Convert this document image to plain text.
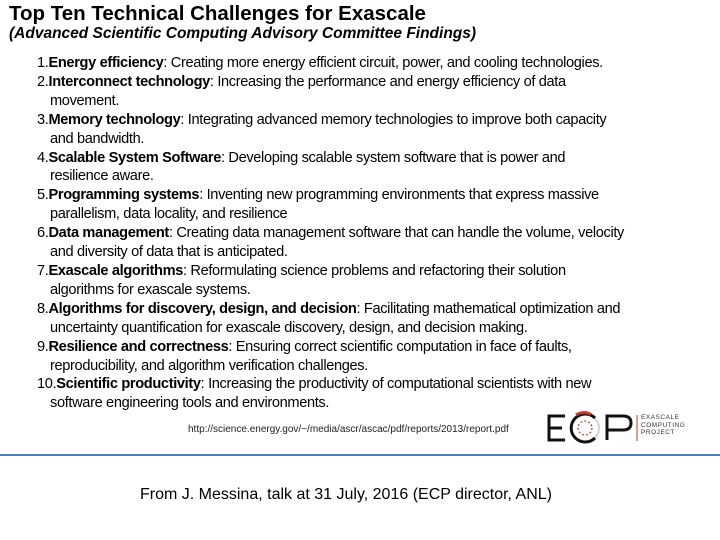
Top Ten Technical Challenges for Exascale
(Advanced Scientific Computing Advisory Committee Findings)
1.Energy efficiency: Creating more energy efficient circuit, power, and cooling technologies.
2.Interconnect technology: Increasing the performance and energy efficiency of data
movement.
3.Memory technology: Integrating advanced memory technologies to improve both capacity
and bandwidth.
4.Scalable System Software: Developing scalable system software that is power and
resilience aware.
5.Programming systems: Inventing new programming environments that express massive
parallelism, data locality, and resilience
6.Data management: Creating data management software that can handle the volume, velocity
and diversity of data that is anticipated.
7.Exascale algorithms: Reformulating science problems and refactoring their solution
algorithms for exascale systems.
8.Algorithms for discovery, design, and decision: Facilitating mathematical optimization and
uncertainty quantification for exascale discovery, design, and decision making.
9.Resilience and correctness: Ensuring correct scientific computation in face of faults,
reproducibility, and algorithm verification challenges.
10.Scientific productivity: Increasing the productivity of computational scientists with new
software engineering tools and environments.
http://science.energy.gov/~/media/ascr/ascac/pdf/reports/2013/report.pdf
EXASCALE
COMPUTING
PROJECT
From J. Messina, talk at 31 July, 2016 (ECP director, ANL)
